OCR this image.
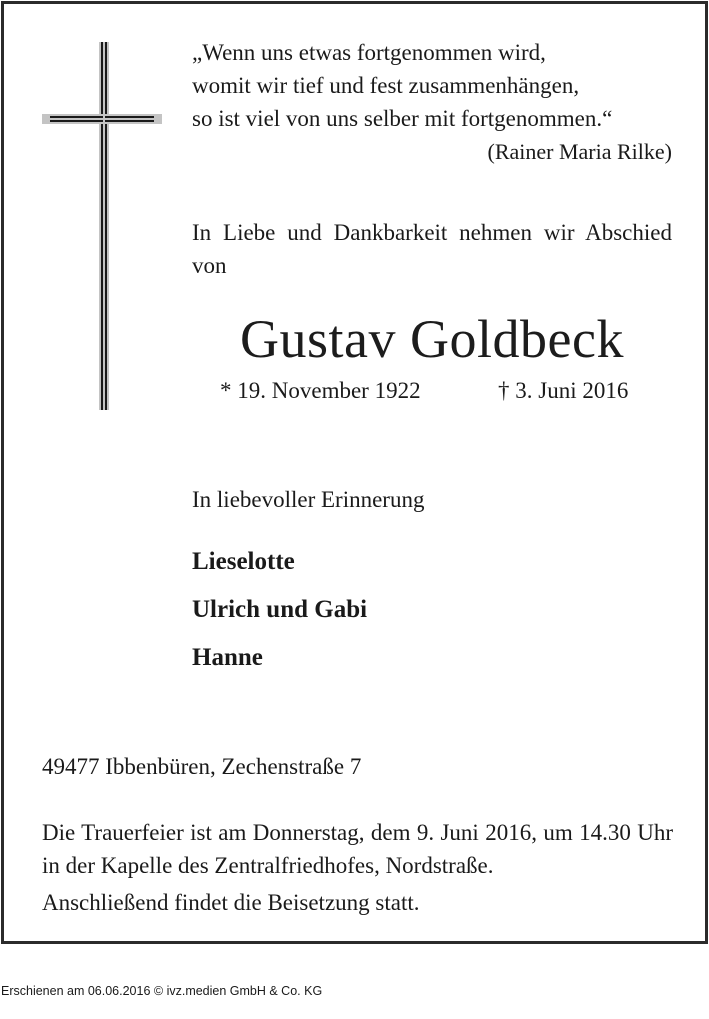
„Wenn uns etwas fortgenommen wird,
womit wir tief und fest zusammenhängen,
so ist viel von uns selber mit fortgenommen.“
(Rainer Maria Rilke)
In Liebe und Dankbarkeit nehmen wir Abschied von
Gustav Goldbeck
* 19. November 1922	† 3. Juni 2016
In liebevoller Erinnerung
Lieselotte
Ulrich und Gabi
Hanne
49477 Ibbenbüren, Zechenstraße 7
Die Trauerfeier ist am Donnerstag, dem 9. Juni 2016, um 14.30 Uhr in der Kapelle des Zentralfriedhofes, Nordstraße.
Anschließend findet die Beisetzung statt.
Erschienen am 06.06.2016 © ivz.medien GmbH & Co. KG
